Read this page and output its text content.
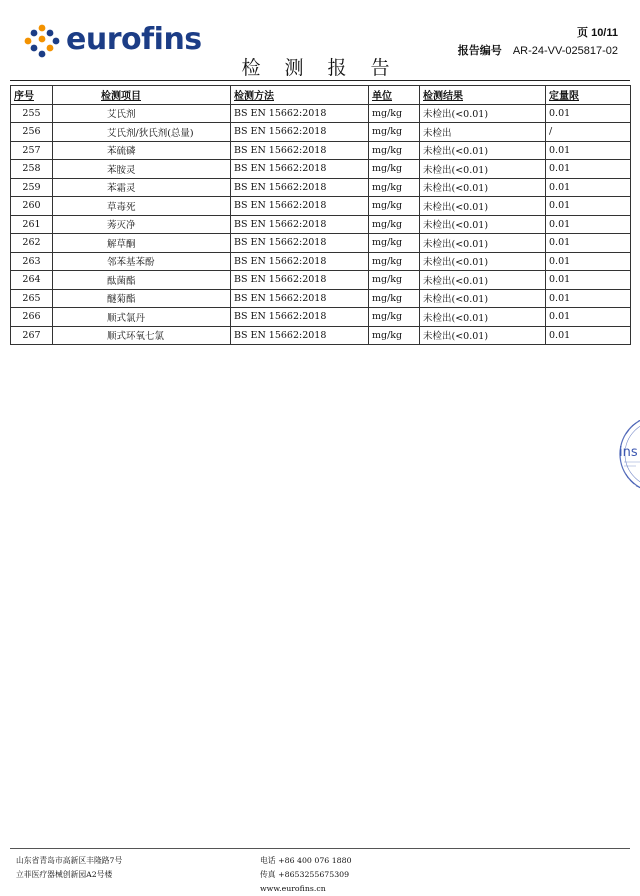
eurofins	页 10/11
报告编号 AR-24-VV-025817-02
检 测 报 告
序号	检测项目	检测方法	单位	检测结果	定量限
255	艾氏剂	BS EN 15662:2018	mg/kg	未检出(<0.01)	0.01
256	艾氏剂/狄氏剂(总量)	BS EN 15662:2018	mg/kg	未检出	/
257	苯硫磷	BS EN 15662:2018	mg/kg	未检出(<0.01)	0.01
258	苯胺灵	BS EN 15662:2018	mg/kg	未检出(<0.01)	0.01
259	苯霜灵	BS EN 15662:2018	mg/kg	未检出(<0.01)	0.01
260	草毒死	BS EN 15662:2018	mg/kg	未检出(<0.01)	0.01
261	莠灭净	BS EN 15662:2018	mg/kg	未检出(<0.01)	0.01
262	解草酮	BS EN 15662:2018	mg/kg	未检出(<0.01)	0.01
263	邻苯基苯酚	BS EN 15662:2018	mg/kg	未检出(<0.01)	0.01
264	酞菌酯	BS EN 15662:2018	mg/kg	未检出(<0.01)	0.01
265	醚菊酯	BS EN 15662:2018	mg/kg	未检出(<0.01)	0.01
266	顺式氯丹	BS EN 15662:2018	mg/kg	未检出(<0.01)	0.01
267	顺式环氧七氯	BS EN 15662:2018	mg/kg	未检出(<0.01)	0.01
ins
山东省青岛市高新区丰隆路7号
立菲医疗器械创新园A2号楼
电话 +86 400 076 1880
传真 +8653255675309
www.eurofins.cn
